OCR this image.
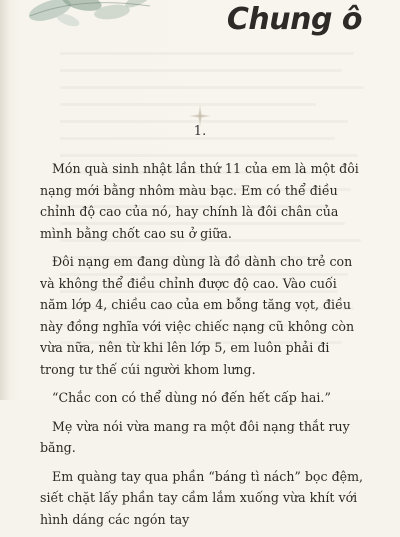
Chung ô
1.

Món quà sinh nhật lần thứ 11 của em là một đôi nạng mới bằng nhôm màu bạc. Em có thể điều chỉnh độ cao của nó, hay chính là đôi chân của mình bằng chốt cao su ở giữa.

Đôi nạng em đang dùng là đồ dành cho trẻ con và không thể điều chỉnh được độ cao. Vào cuối năm lớp 4, chiều cao của em bỗng tăng vọt, điều này đồng nghĩa với việc chiếc nạng cũ không còn vừa nữa, nên từ khi lên lớp 5, em luôn phải đi trong tư thế cúi người khom lưng.

“Chắc con có thể dùng nó đến hết cấp hai.”

Mẹ vừa nói vừa mang ra một đôi nạng thắt ruy băng.

Em quàng tay qua phần “báng tì nách” bọc đệm, siết chặt lấy phần tay cầm lắm xuống vừa khít với hình dáng các ngón tay
